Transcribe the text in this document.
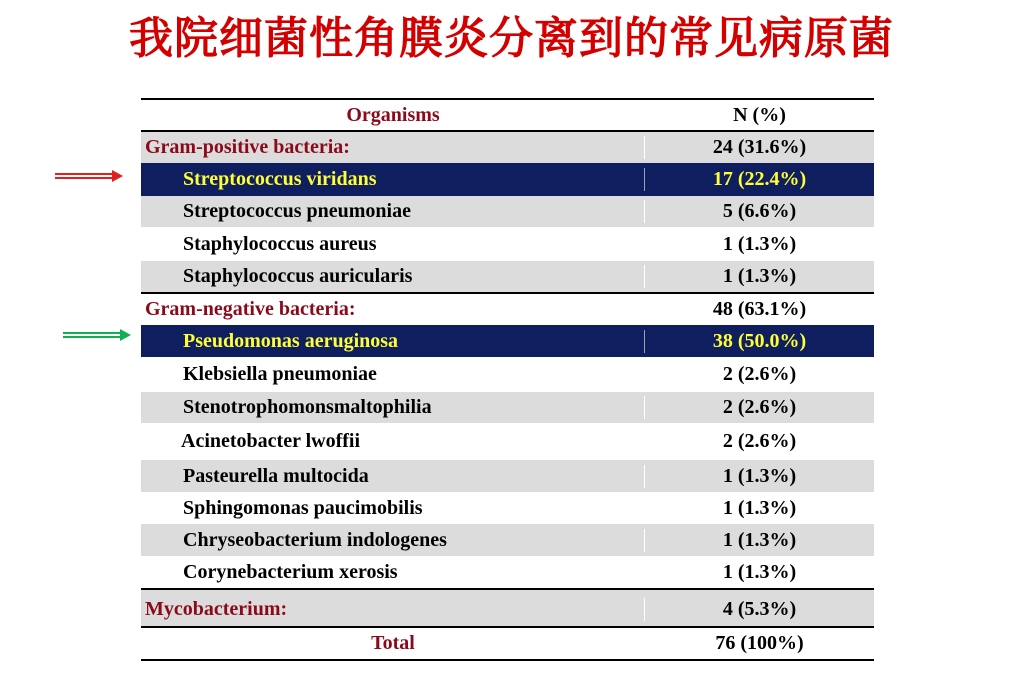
我院细菌性角膜炎分离到的常见病原菌
Organisms	N (%)
Gram-positive bacteria:	24 (31.6%)
Streptococcus viridans	17 (22.4%)
Streptococcus pneumoniae	5 (6.6%)
Staphylococcus aureus	1 (1.3%)
Staphylococcus auricularis	1 (1.3%)
Gram-negative bacteria:	48 (63.1%)
Pseudomonas aeruginosa	38 (50.0%)
Klebsiella pneumoniae	2 (2.6%)
Stenotrophomonsmaltophilia	2 (2.6%)
Acinetobacter lwoffii	2 (2.6%)
Pasteurella multocida	1 (1.3%)
Sphingomonas paucimobilis	1 (1.3%)
Chryseobacterium indologenes	1 (1.3%)
Corynebacterium xerosis	1 (1.3%)
Mycobacterium:	4 (5.3%)
Total	76 (100%)
